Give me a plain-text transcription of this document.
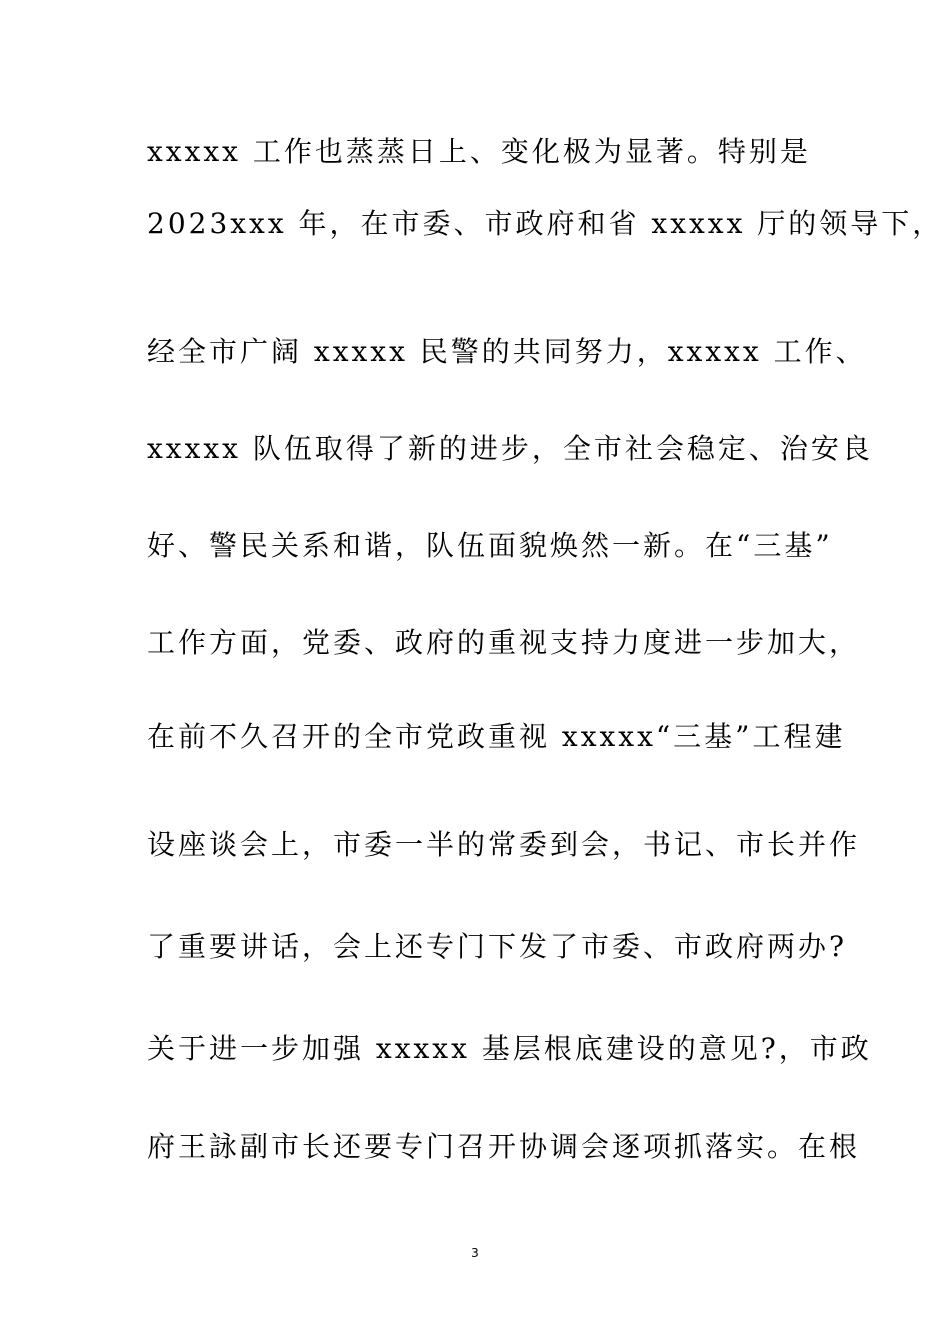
xxxxx 工作也蒸蒸日上、变化极为显著。特别是
2023xxx 年，在市委、市政府和省 xxxxx 厅的领导下，
经全市广阔 xxxxx 民警的共同努力，xxxxx 工作、
xxxxx 队伍取得了新的进步，全市社会稳定、治安良
好、警民关系和谐，队伍面貌焕然一新。在“三基”
工作方面，党委、政府的重视支持力度进一步加大，
在前不久召开的全市党政重视 xxxxx“三基”工程建
设座谈会上，市委一半的常委到会，书记、市长并作
了重要讲话，会上还专门下发了市委、市政府两办?
关于进一步加强 xxxxx 基层根底建设的意见?，市政
府王詠副市长还要专门召开协调会逐项抓落实。在根
3
